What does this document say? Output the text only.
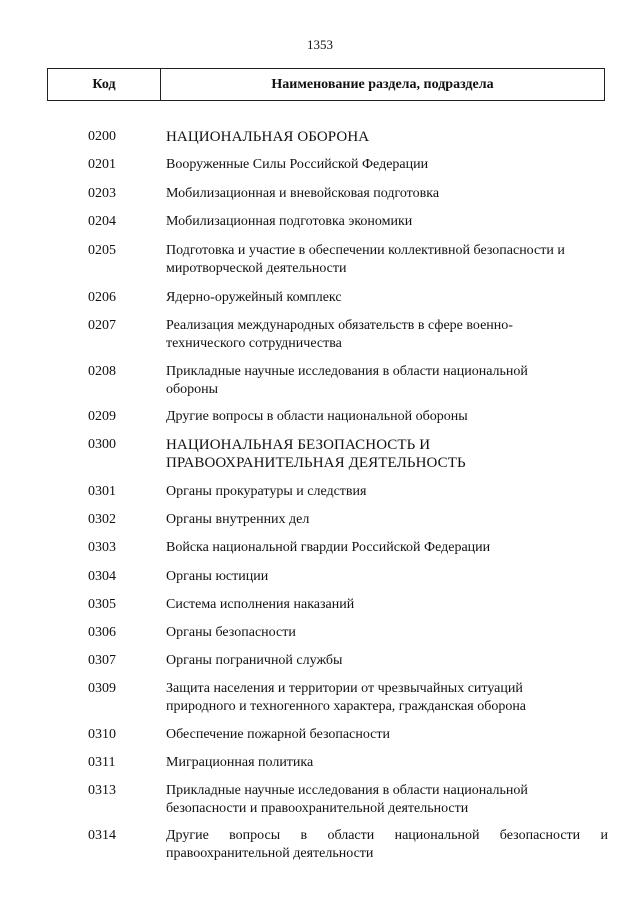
1353
Код	Наименование раздела, подраздела
0200	НАЦИОНАЛЬНАЯ ОБОРОНА
0201	Вооруженные Силы Российской Федерации
0203	Мобилизационная и вневойсковая подготовка
0204	Мобилизационная подготовка экономики
0205	Подготовка и участие в обеспечении коллективной безопасности и миротворческой деятельности
0206	Ядерно-оружейный комплекс
0207	Реализация международных обязательств в сфере военно-технического сотрудничества
0208	Прикладные научные исследования в области национальной обороны
0209	Другие вопросы в области национальной обороны
0300	НАЦИОНАЛЬНАЯ БЕЗОПАСНОСТЬ И ПРАВООХРАНИТЕЛЬНАЯ ДЕЯТЕЛЬНОСТЬ
0301	Органы прокуратуры и следствия
0302	Органы внутренних дел
0303	Войска национальной гвардии Российской Федерации
0304	Органы юстиции
0305	Система исполнения наказаний
0306	Органы безопасности
0307	Органы пограничной службы
0309	Защита населения и территории от чрезвычайных ситуаций природного и техногенного характера, гражданская оборона
0310	Обеспечение пожарной безопасности
0311	Миграционная политика
0313	Прикладные научные исследования в области национальной безопасности и правоохранительной деятельности
0314	Другие вопросы в области национальной безопасности и правоохранительной деятельности
